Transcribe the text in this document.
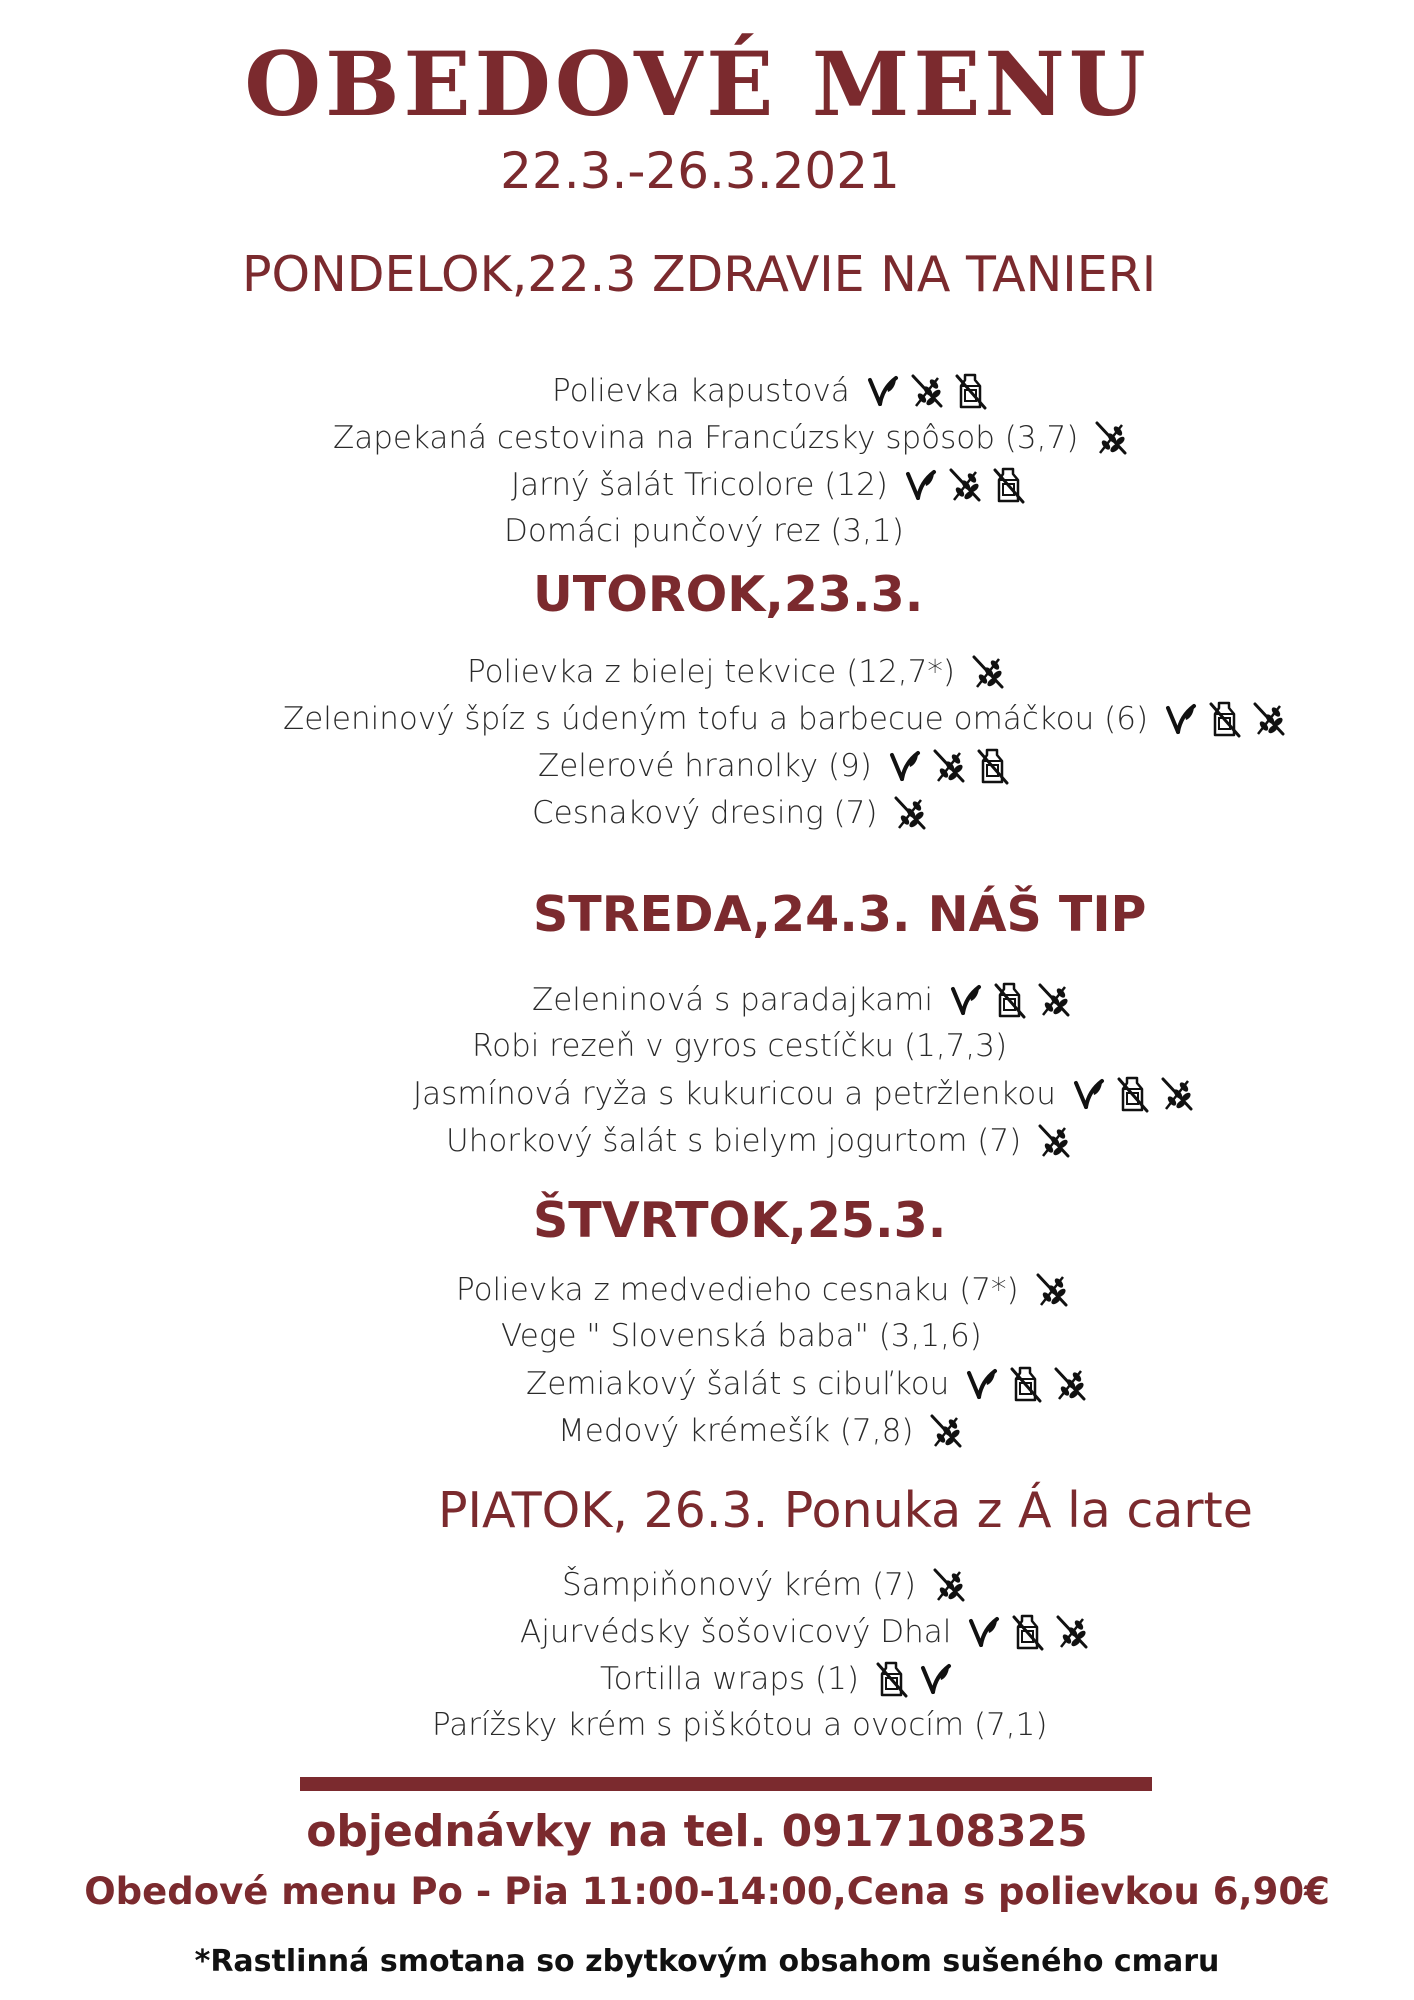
OBEDOVÉ MENU
22.3.-26.3.2021
PONDELOK,22.3 ZDRAVIE NA TANIERI
Polievka kapustová
Zapekaná cestovina na Francúzsky spôsob (3,7)
Jarný šalát Tricolore (12)
Domáci punčový rez (3,1)
UTOROK,23.3.
Polievka z bielej tekvice (12,7*)
Zeleninový špíz s údeným tofu a barbecue omáčkou (6)
Zelerové hranolky (9)
Cesnakový dresing (7)
STREDA,24.3. NÁŠ TIP
Zeleninová s paradajkami
Robi rezeň v gyros cestíčku (1,7,3)
Jasmínová ryža s kukuricou a petržlenkou
Uhorkový šalát s bielym jogurtom (7)
ŠTVRTOK,25.3.
Polievka z medvedieho cesnaku (7*)
Vege " Slovenská baba" (3,1,6)
Zemiakový šalát s cibuľkou
Medový krémešík (7,8)
PIATOK, 26.3. Ponuka z Á la carte
Šampiňonový krém (7)
Ajurvédsky šošovicový Dhal
Tortilla wraps (1)
Parížsky krém s piškótou a ovocím (7,1)
objednávky na tel. 0917108325
Obedové menu Po - Pia 11:00-14:00,Cena s polievkou 6,90€
*Rastlinná smotana so zbytkovým obsahom sušeného cmaru
